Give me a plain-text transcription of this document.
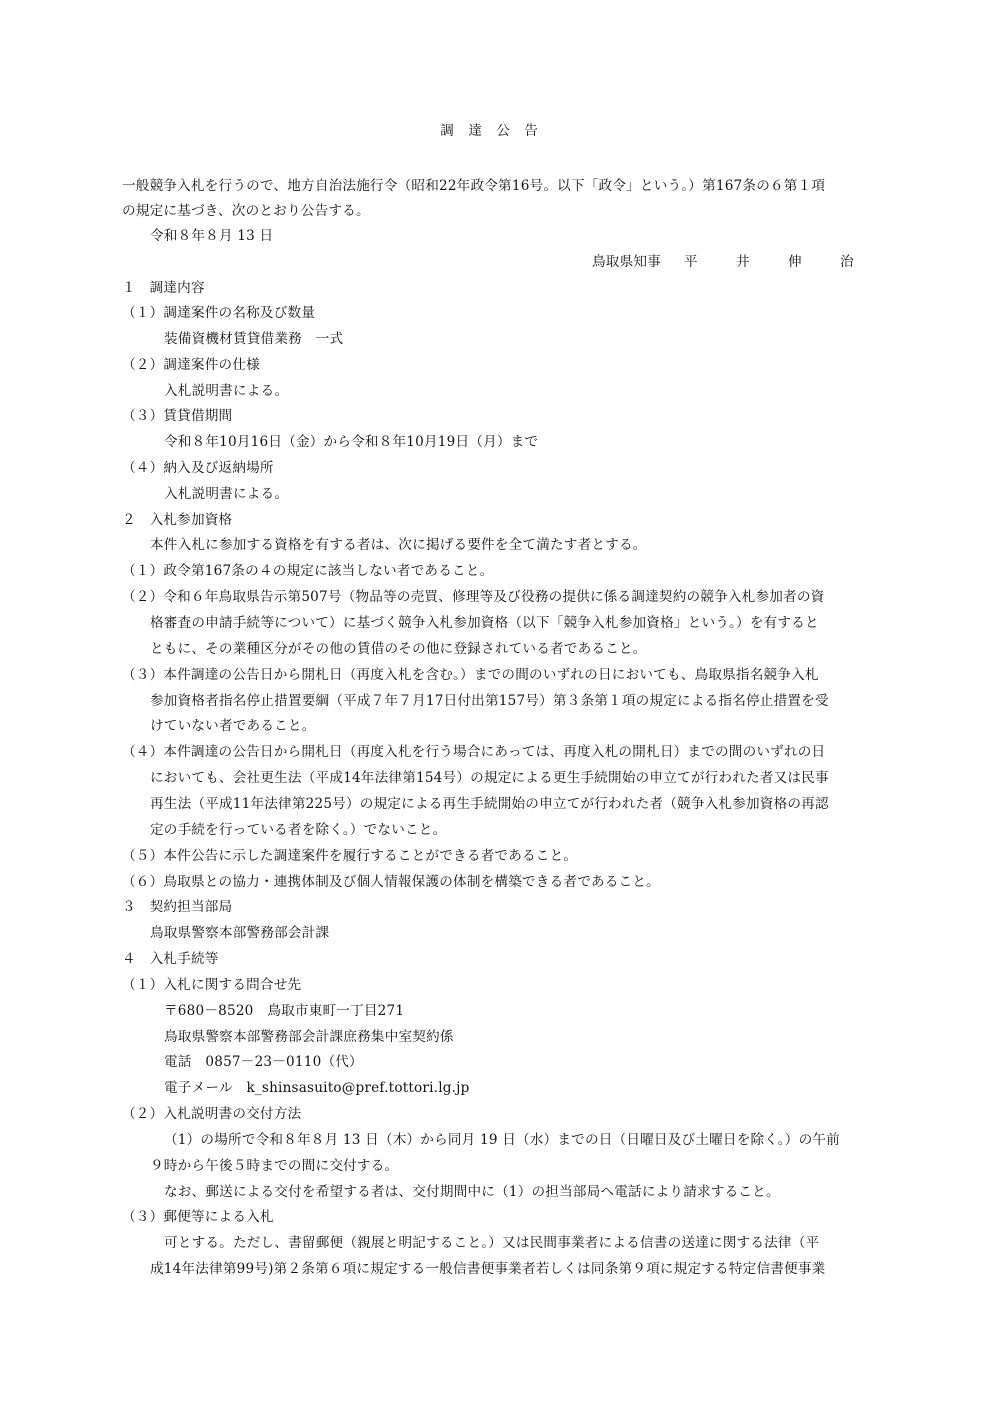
調 達 公 告
一般競争入札を行うので、地方自治法施行令（昭和22年政令第16号。以下「政令」という。）第167条の６第１項
の規定に基づき、次のとおり公告する。
令和８年８月 13 日
鳥取県知事 平	井	伸	治
１　調達内容
（１）調達案件の名称及び数量
装備資機材賃貸借業務　一式
（２）調達案件の仕様
入札説明書による。
（３）賃貸借期間
令和８年10月16日（金）から令和８年10月19日（月）まで
（４）納入及び返納場所
入札説明書による。
２　入札参加資格
本件入札に参加する資格を有する者は、次に掲げる要件を全て満たす者とする。
（１）政令第167条の４の規定に該当しない者であること。
（２）令和６年鳥取県告示第507号（物品等の売買、修理等及び役務の提供に係る調達契約の競争入札参加者の資
格審査の申請手続等について）に基づく競争入札参加資格（以下「競争入札参加資格」という。）を有すると
ともに、その業種区分がその他の賃借のその他に登録されている者であること。
（３）本件調達の公告日から開札日（再度入札を含む。）までの間のいずれの日においても、鳥取県指名競争入札
参加資格者指名停止措置要綱（平成７年７月17日付出第157号）第３条第１項の規定による指名停止措置を受
けていない者であること。
（４）本件調達の公告日から開札日（再度入札を行う場合にあっては、再度入札の開札日）までの間のいずれの日
においても、会社更生法（平成14年法律第154号）の規定による更生手続開始の申立てが行われた者又は民事
再生法（平成11年法律第225号）の規定による再生手続開始の申立てが行われた者（競争入札参加資格の再認
定の手続を行っている者を除く。）でないこと。
（５）本件公告に示した調達案件を履行することができる者であること。
（６）鳥取県との協力・連携体制及び個人情報保護の体制を構築できる者であること。
３　契約担当部局
鳥取県警察本部警務部会計課
４　入札手続等
（１）入札に関する問合せ先
〒680－8520　鳥取市東町一丁目271
鳥取県警察本部警務部会計課庶務集中室契約係
電話　0857－23－0110（代）
電子メール　k_shinsasuito@pref.tottori.lg.jp
（２）入札説明書の交付方法
（1）の場所で令和８年８月 13 日（木）から同月 19 日（水）までの日（日曜日及び土曜日を除く。）の午前
９時から午後５時までの間に交付する。
なお、郵送による交付を希望する者は、交付期間中に（1）の担当部局へ電話により請求すること。
（３）郵便等による入札
可とする。ただし、書留郵便（親展と明記すること。）又は民間事業者による信書の送達に関する法律（平
成14年法律第99号)第２条第６項に規定する一般信書便事業者若しくは同条第９項に規定する特定信書便事業
